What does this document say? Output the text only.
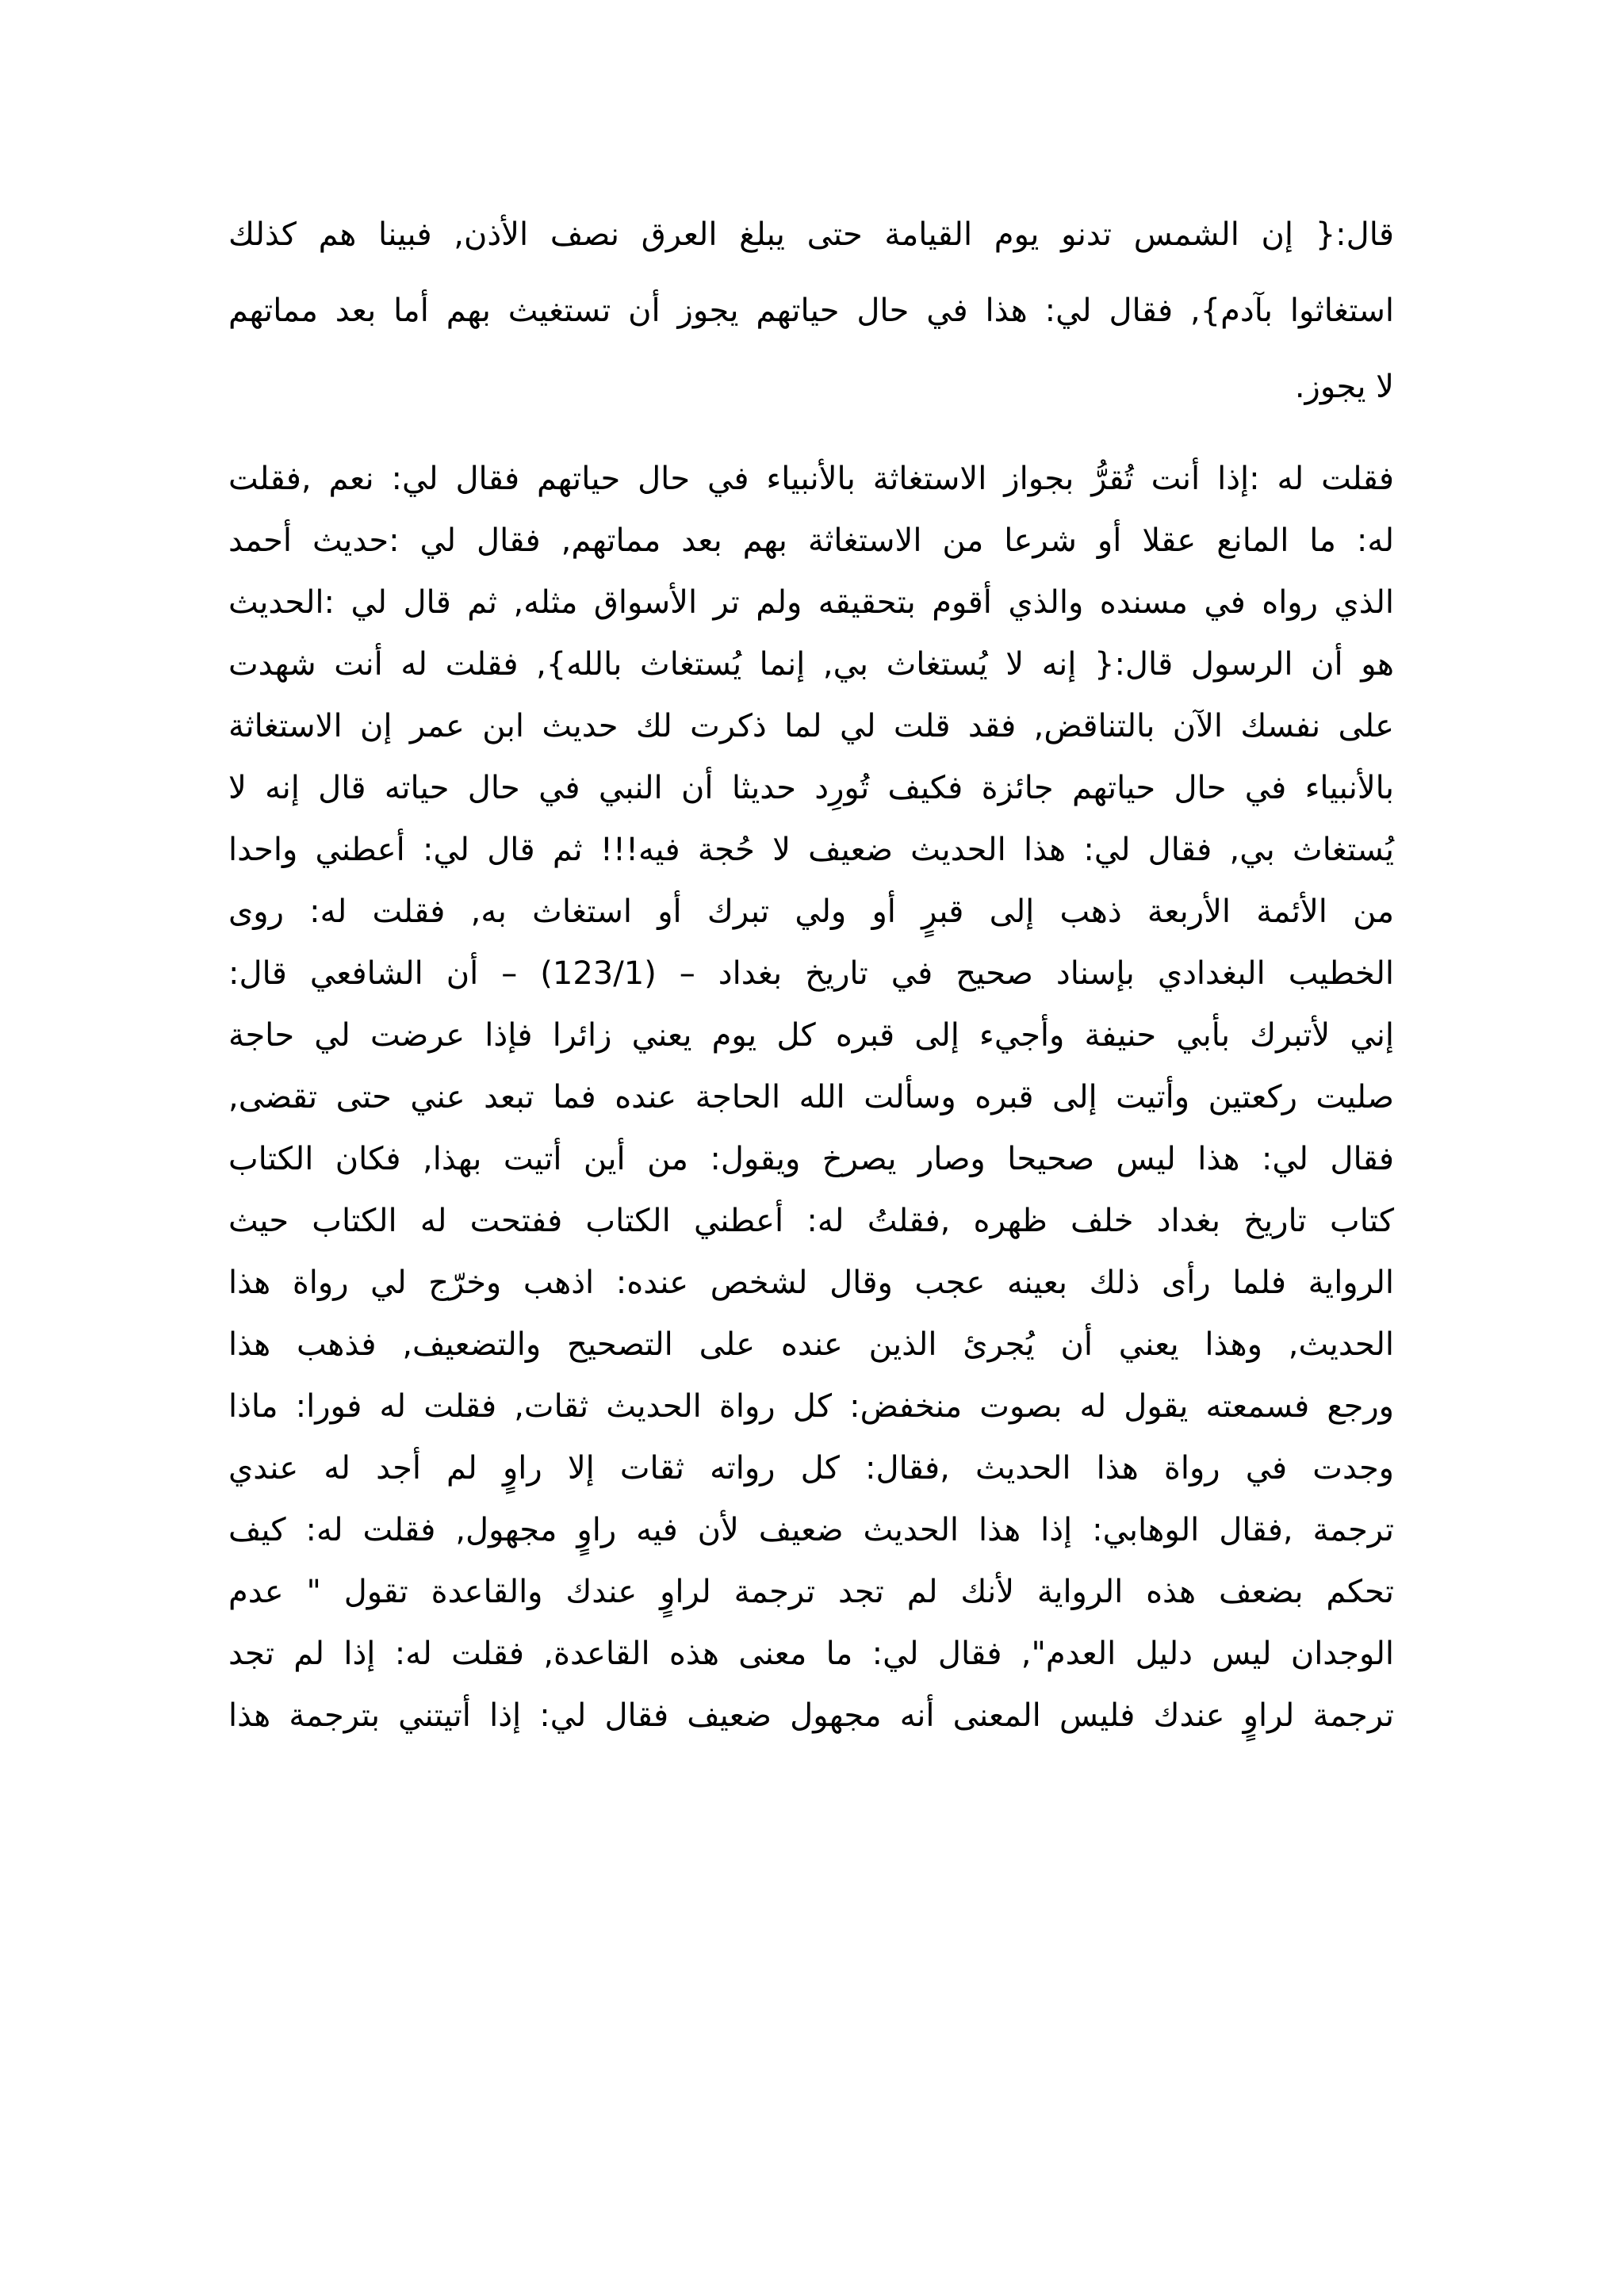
قال:{ إن الشمس تدنو يوم القيامة حتى يبلغ العرق نصف الأذن, فبينا هم كذلك
استغاثوا بآدم}, فقال لي: هذا في حال حياتهم يجوز أن تستغيث بهم أما بعد مماتهم
لا يجوز.
فقلت له :إذا أنت تُقرُّ بجواز الاستغاثة بالأنبياء في حال حياتهم فقال لي: نعم ,فقلت
له: ما المانع عقلا أو شرعا من الاستغاثة بهم بعد مماتهم, فقال لي :حديث أحمد
الذي رواه في مسنده والذي أقوم بتحقيقه ولم تر الأسواق مثله, ثم قال لي :الحديث
هو أن الرسول قال:{ إنه لا يُستغاث بي, إنما يُستغاث بالله}, فقلت له أنت شهدت
على نفسك الآن بالتناقض, فقد قلت لي لما ذكرت لك حديث ابن عمر إن الاستغاثة
بالأنبياء في حال حياتهم جائزة فكيف تُورِد حديثا أن النبي في حال حياته قال إنه لا
يُستغاث بي, فقال لي: هذا الحديث ضعيف لا حُجة فيه!!! ثم قال لي: أعطني واحدا
من الأئمة الأربعة ذهب إلى قبرٍ أو ولي تبرك أو استغاث به, فقلت له: روى
الخطيب البغدادي بإسناد صحيح في تاريخ بغداد – (123/1) – أن الشافعي قال:
إني لأتبرك بأبي حنيفة وأجيء إلى قبره كل يوم يعني زائرا فإذا عرضت لي حاجة
صليت ركعتين وأتيت إلى قبره وسألت الله الحاجة عنده فما تبعد عني حتى تقضى,
فقال لي: هذا ليس صحيحا وصار يصرخ ويقول: من أين أتيت بهذا, فكان الكتاب
كتاب تاريخ بغداد خلف ظهره ,فقلتُ له: أعطني الكتاب ففتحت له الكتاب حيث
الرواية فلما رأى ذلك بعينه عجب وقال لشخص عنده: اذهب وخرّج لي رواة هذا
الحديث, وهذا يعني أن يُجرئ الذين عنده على التصحيح والتضعيف, فذهب هذا
ورجع فسمعته يقول له بصوت منخفض: كل رواة الحديث ثقات, فقلت له فورا: ماذا
وجدت في رواة هذا الحديث ,فقال: كل رواته ثقات إلا راوٍ لم أجد له عندي
ترجمة ,فقال الوهابي: إذا هذا الحديث ضعيف لأن فيه راوٍ مجهول, فقلت له: كيف
تحكم بضعف هذه الرواية لأنك لم تجد ترجمة لراوٍ عندك والقاعدة تقول " عدم
الوجدان ليس دليل العدم", فقال لي: ما معنى هذه القاعدة, فقلت له: إذا لم تجد
ترجمة لراوٍ عندك فليس المعنى أنه مجهول ضعيف فقال لي: إذا أتيتني بترجمة هذا
